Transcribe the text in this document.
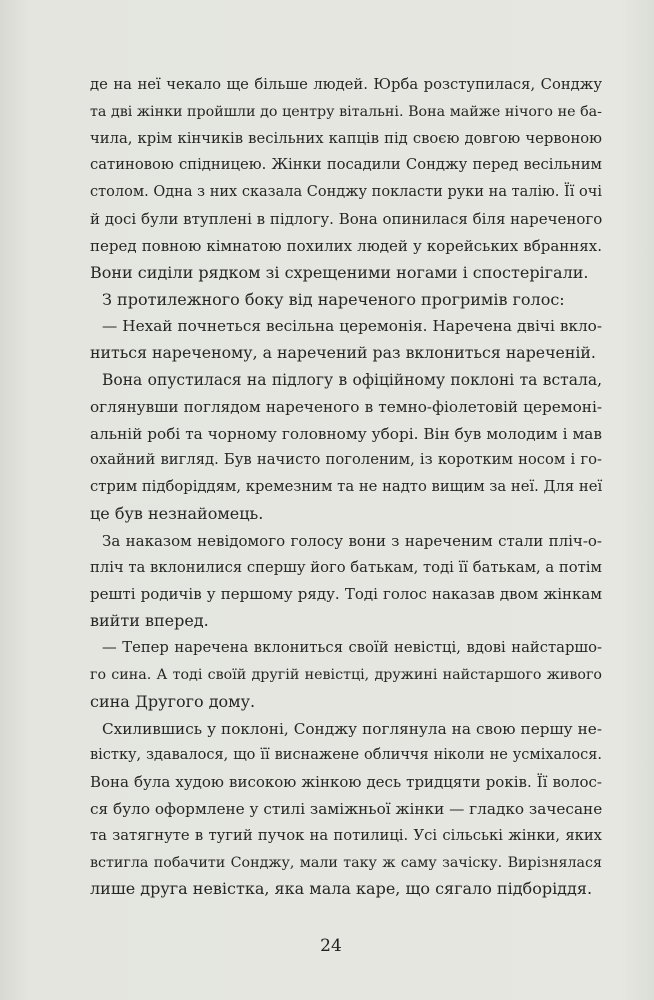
де на неї чекало ще більше людей. Юрба розступилася, Сонджу
та дві жінки пройшли до центру вітальні. Вона майже нічого не ба-
чила, крім кінчиків весільних капців під своєю довгою червоною
сатиновою спідницею. Жінки посадили Сонджу перед весільним
столом. Одна з них сказала Сонджу покласти руки на талію. Її очі
й досі були втуплені в підлогу. Вона опинилася біля нареченого
перед повною кімнатою похилих людей у корейських вбраннях.
Вони сиділи рядком зі схрещеними ногами і спостерігали.
З протилежного боку від нареченого прогримів голос:
— Нехай почнеться весільна церемонія. Наречена двічі вкло-
ниться нареченому, а наречений раз вклониться нареченій.
Вона опустилася на підлогу в офіційному поклоні та встала,
оглянувши поглядом нареченого в темно-фіолетовій церемоні-
альній робі та чорному головному уборі. Він був молодим і мав
охайний вигляд. Був начисто поголеним, із коротким носом і го-
стрим підборіддям, кремезним та не надто вищим за неї. Для неї
це був незнайомець.
За наказом невідомого голосу вони з нареченим стали пліч-о-
пліч та вклонилися спершу його батькам, тоді її батькам, а потім
решті родичів у першому ряду. Тоді голос наказав двом жінкам
вийти вперед.
— Тепер наречена вклониться своїй невістці, вдові найстаршо-
го сина. А тоді своїй другій невістці, дружині найстаршого живого
сина Другого дому.
Схилившись у поклоні, Сонджу поглянула на свою першу не-
вістку, здавалося, що її виснажене обличчя ніколи не усміхалося.
Вона була худою високою жінкою десь тридцяти років. Її волос-
ся було оформлене у стилі заміжньої жінки — гладко зачесане
та затягнуте в тугий пучок на потилиці. Усі сільські жінки, яких
встигла побачити Сонджу, мали таку ж саму зачіску. Вирізнялася
лише друга невістка, яка мала каре, що сягало підборіддя.
24
